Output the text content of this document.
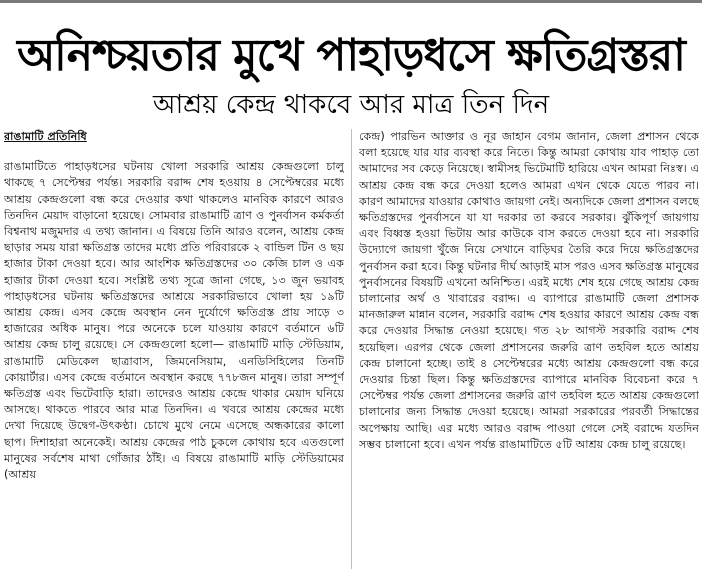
অনিশ্চয়তার মুখে পাহাড়ধসে ক্ষতিগ্রস্তরা
আশ্রয় কেন্দ্র থাকবে আর মাত্র তিন দিন
রাঙামাটি প্রতিনিধি
রাঙামাটিতে পাহাড়ধসের ঘটনায় খোলা সরকারি আশ্রয় কেন্দ্রগুলো চালু থাকছে ৭ সেপ্টেম্বর পর্যন্ত। সরকারি বরাদ্দ শেষ হওয়ায় ৪ সেপ্টেম্বরের মধ্যে আশ্রয় কেন্দ্রগুলো বন্ধ করে দেওয়ার কথা থাকলেও মানবিক কারণে আরও তিনদিন মেয়াদ বাড়ানো হয়েছে। সোমবার রাঙামাটি ত্রাণ ও পুনর্বাসন কর্মকর্তা বিশ্বনাথ মজুমদার এ তথ্য জানান। এ বিষয়ে তিনি আরও বলেন, আশ্রয় কেন্দ্র ছাড়ার সময় যারা ক্ষতিগ্রস্ত তাদের মধ্যে প্রতি পরিবারকে ২ বান্ডিল টিন ও ছয় হাজার টাকা দেওয়া হবে। আর আংশিক ক্ষতিগ্রস্তদের ৩০ কেজি চাল ও এক হাজার টাকা দেওয়া হবে। সংশ্লিষ্ট তথ্য সূত্রে জানা গেছে, ১৩ জুন ভয়াবহ পাহাড়ধসের ঘটনায় ক্ষতিগ্রস্তদের আশ্রয়ে সরকারিভাবে খোলা হয় ১৯টি আশ্রয় কেন্দ্র। এসব কেন্দ্রে অবস্থান নেন দুর্যোগে ক্ষতিগ্রস্ত প্রায় সাড়ে ৩ হাজারের অধিক মানুষ। পরে অনেকে চলে যাওয়ায় কারণে বর্তমানে ৬টি আশ্রয় কেন্দ্র চালু রয়েছে। সে কেন্দ্রগুলো হলো— রাঙামাটি মাড়ি স্টেডিয়াম, রাঙামাটি মেডিকেল ছাত্রাবাস, জিমনেসিয়াম, এনডিসিহিলের তিনটি কোয়ার্টার। এসব কেন্দ্রে বর্তমানে অবস্থান করছে ৭৭৮জন মানুষ। তারা সম্পূর্ণ ক্ষতিগ্রস্ত এবং ভিটেবাড়ি হারা। তাদেরও আশ্রয় কেন্দ্রে থাকার মেয়াদ ঘনিয়ে আসছে। থাকতে পারবে আর মাত্র তিনদিন। এ খবরে আশ্রয় কেন্দ্রের মধ্যে দেখা দিয়েছে উদ্বেগ-উৎকণ্ঠা। চোখে মুখে নেমে এসেছে অন্ধকারের কালো ছাপ। দিশাহারা অনেকেই। আশ্রয় কেন্দ্রের পাঠ চুকলে কোথায় হবে এতগুলো মানুষের সর্বশেষ মাথা গোঁজার ঠাঁই। এ বিষয়ে রাঙামাটি মাড়ি স্টেডিয়ামের (আশ্রয়
কেন্দ্র) পারভিন আক্তার ও নূর জাহান বেগম জানান, জেলা প্রশাসন থেকে বলা হয়েছে যার যার ব্যবস্থা করে নিতে। কিন্তু আমরা কোথায় যাব পাহাড় তো আমাদের সব কেড়ে নিয়েছে। স্বামীসহ ভিটেমাটি হারিয়ে এখন আমরা নিঃস্ব। এ আশ্রয় কেন্দ্র বন্ধ করে দেওয়া হলেও আমরা এখন থেকে যেতে পারব না। কারণ আমাদের যাওয়ার কোথাও জায়গা নেই। অন্যদিকে জেলা প্রশাসন বলছে ক্ষতিগ্রস্তদের পুনর্বাসনে যা যা দরকার তা করবে সরকার। ঝুঁকিপূর্ণ জায়গায় এবং বিধ্বস্ত হওয়া ভিটায় আর কাউকে বাস করতে দেওয়া হবে না। সরকারি উদ্যোগে জায়গা খুঁজে নিয়ে সেখানে বাড়িঘর তৈরি করে দিয়ে ক্ষতিগ্রস্তদের পুনর্বাসন করা হবে। কিন্তু ঘটনার দীর্ঘ আড়াই মাস পরও এসব ক্ষতিগ্রস্ত মানুষের পুনর্বাসনের বিষয়টি এখনো অনিশ্চিত। এরই মধ্যে শেষ হয়ে গেছে আশ্রয় কেন্দ্র চালানোর অর্থ ও খাবারের বরাদ্দ। এ ব্যাপারে রাঙামাটি জেলা প্রশাসক মানজারুল মান্নান বলেন, সরকারি বরাদ্দ শেষ হওয়ার কারণে আশ্রয় কেন্দ্র বন্ধ করে দেওয়ার সিদ্ধান্ত নেওয়া হয়েছে। গত ২৮ আগস্ট সরকারি বরাদ্দ শেষ হয়েছিল। এরপর থেকে জেলা প্রশাসনের জরুরি ত্রাণ তহবিল হতে আশ্রয় কেন্দ্র চালানো হচ্ছে। তাই ৪ সেপ্টেম্বরের মধ্যে আশ্রয় কেন্দ্রগুলো বন্ধ করে দেওয়ার চিন্তা ছিল। কিন্তু ক্ষতিগ্রস্তদের ব্যাপারে মানবিক বিবেচনা করে ৭ সেপ্টেম্বর পর্যন্ত জেলা প্রশাসনের জরুরি ত্রাণ তহবিল হতে আশ্রয় কেন্দ্রগুলো চালানোর জন্য সিদ্ধান্ত দেওয়া হয়েছে। আমরা সরকারের পরবর্তী সিদ্ধান্তের অপেক্ষায় আছি। এর মধ্যে আরও বরাদ্দ পাওয়া গেলে সেই বরাদ্দে যতদিন সম্ভব চালানো হবে। এখন পর্যন্ত রাঙামাটিতে ৫টি আশ্রয় কেন্দ্র চালু রয়েছে।
